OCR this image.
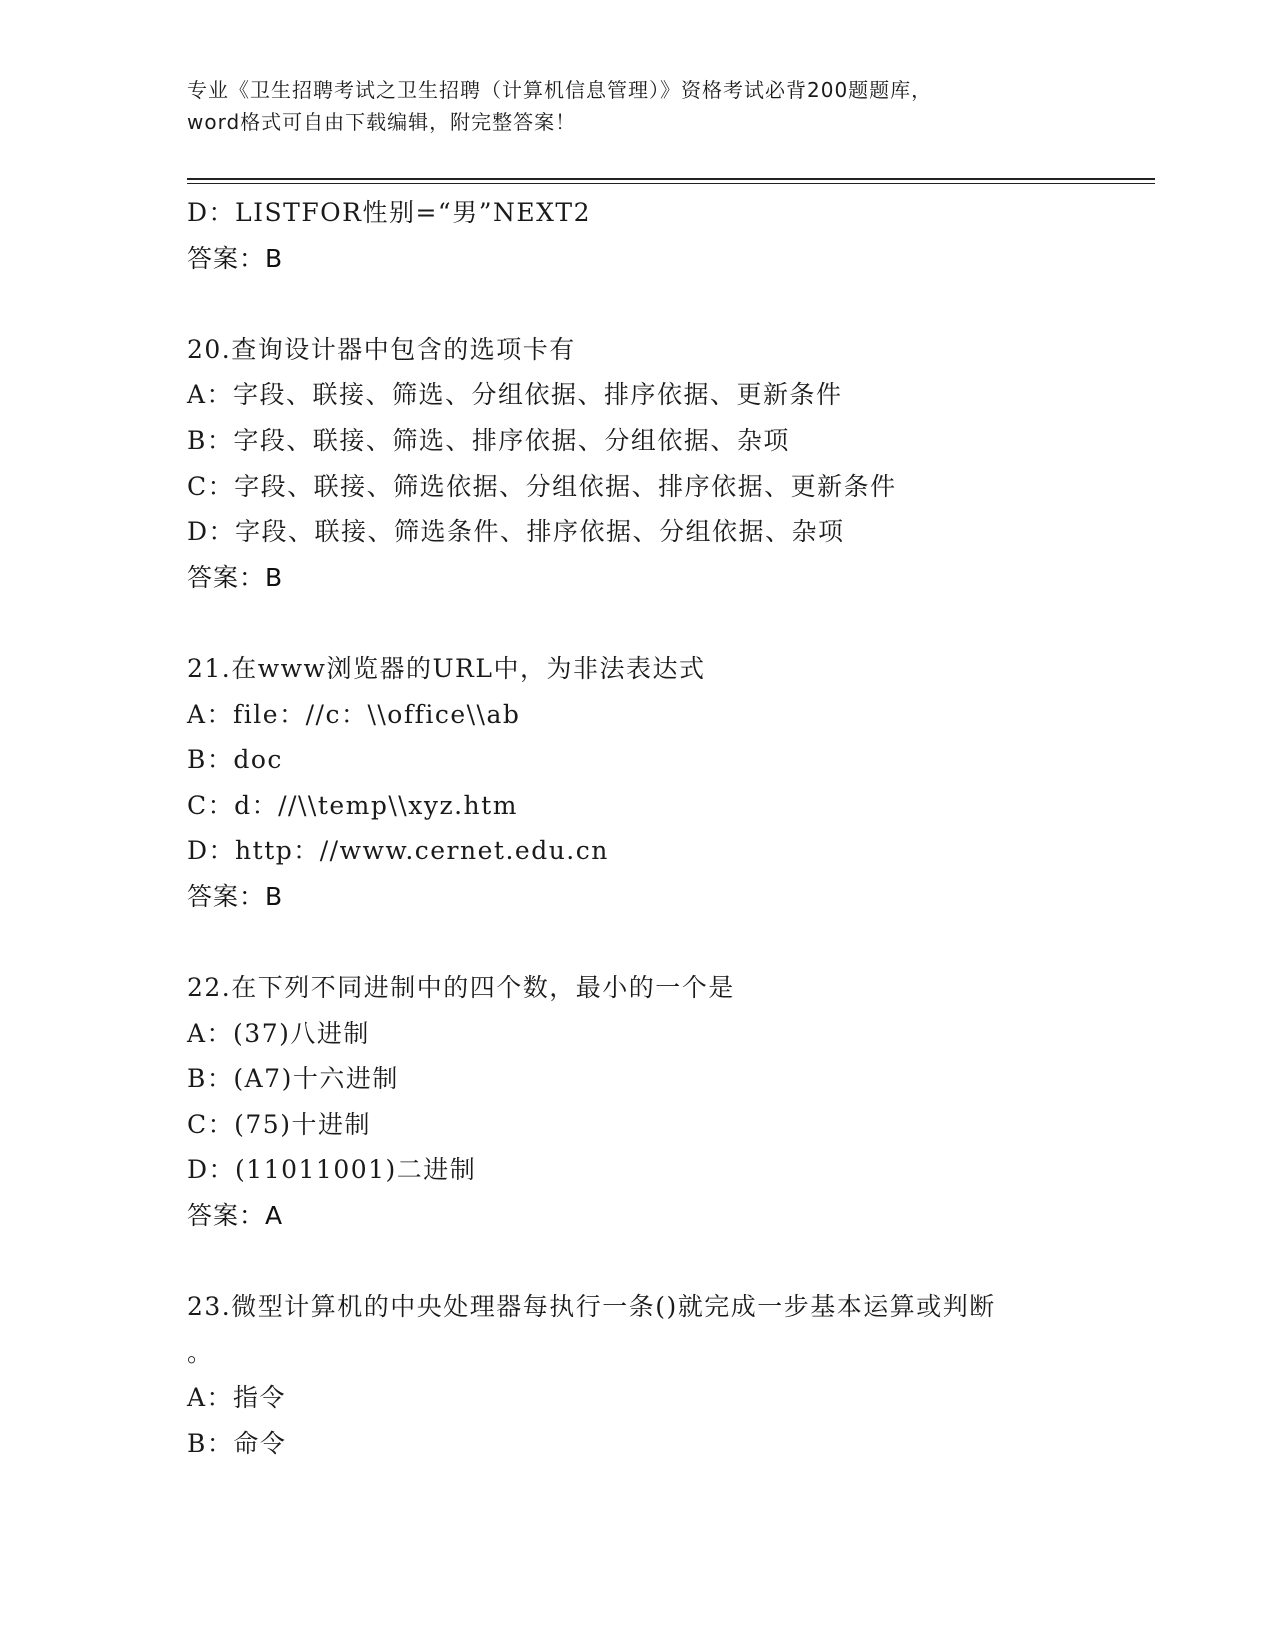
专业《卫生招聘考试之卫生招聘（计算机信息管理）》资格考试必背200题题库，
word格式可自由下载编辑，附完整答案！
D：LISTFOR性别=“男”NEXT2
答案：B
20.查询设计器中包含的选项卡有
A：字段、联接、筛选、分组依据、排序依据、更新条件
B：字段、联接、筛选、排序依据、分组依据、杂项
C：字段、联接、筛选依据、分组依据、排序依据、更新条件
D：字段、联接、筛选条件、排序依据、分组依据、杂项
答案：B
21.在www浏览器的URL中，为非法表达式
A：file：//c：\\office\\ab
B：doc
C：d：//\\temp\\xyz.htm
D：http：//www.cernet.edu.cn
答案：B
22.在下列不同进制中的四个数，最小的一个是
A：(37)八进制
B：(A7)十六进制
C：(75)十进制
D：(11011001)二进制
答案：A
23.微型计算机的中央处理器每执行一条()就完成一步基本运算或判断
。
A：指令
B：命令
